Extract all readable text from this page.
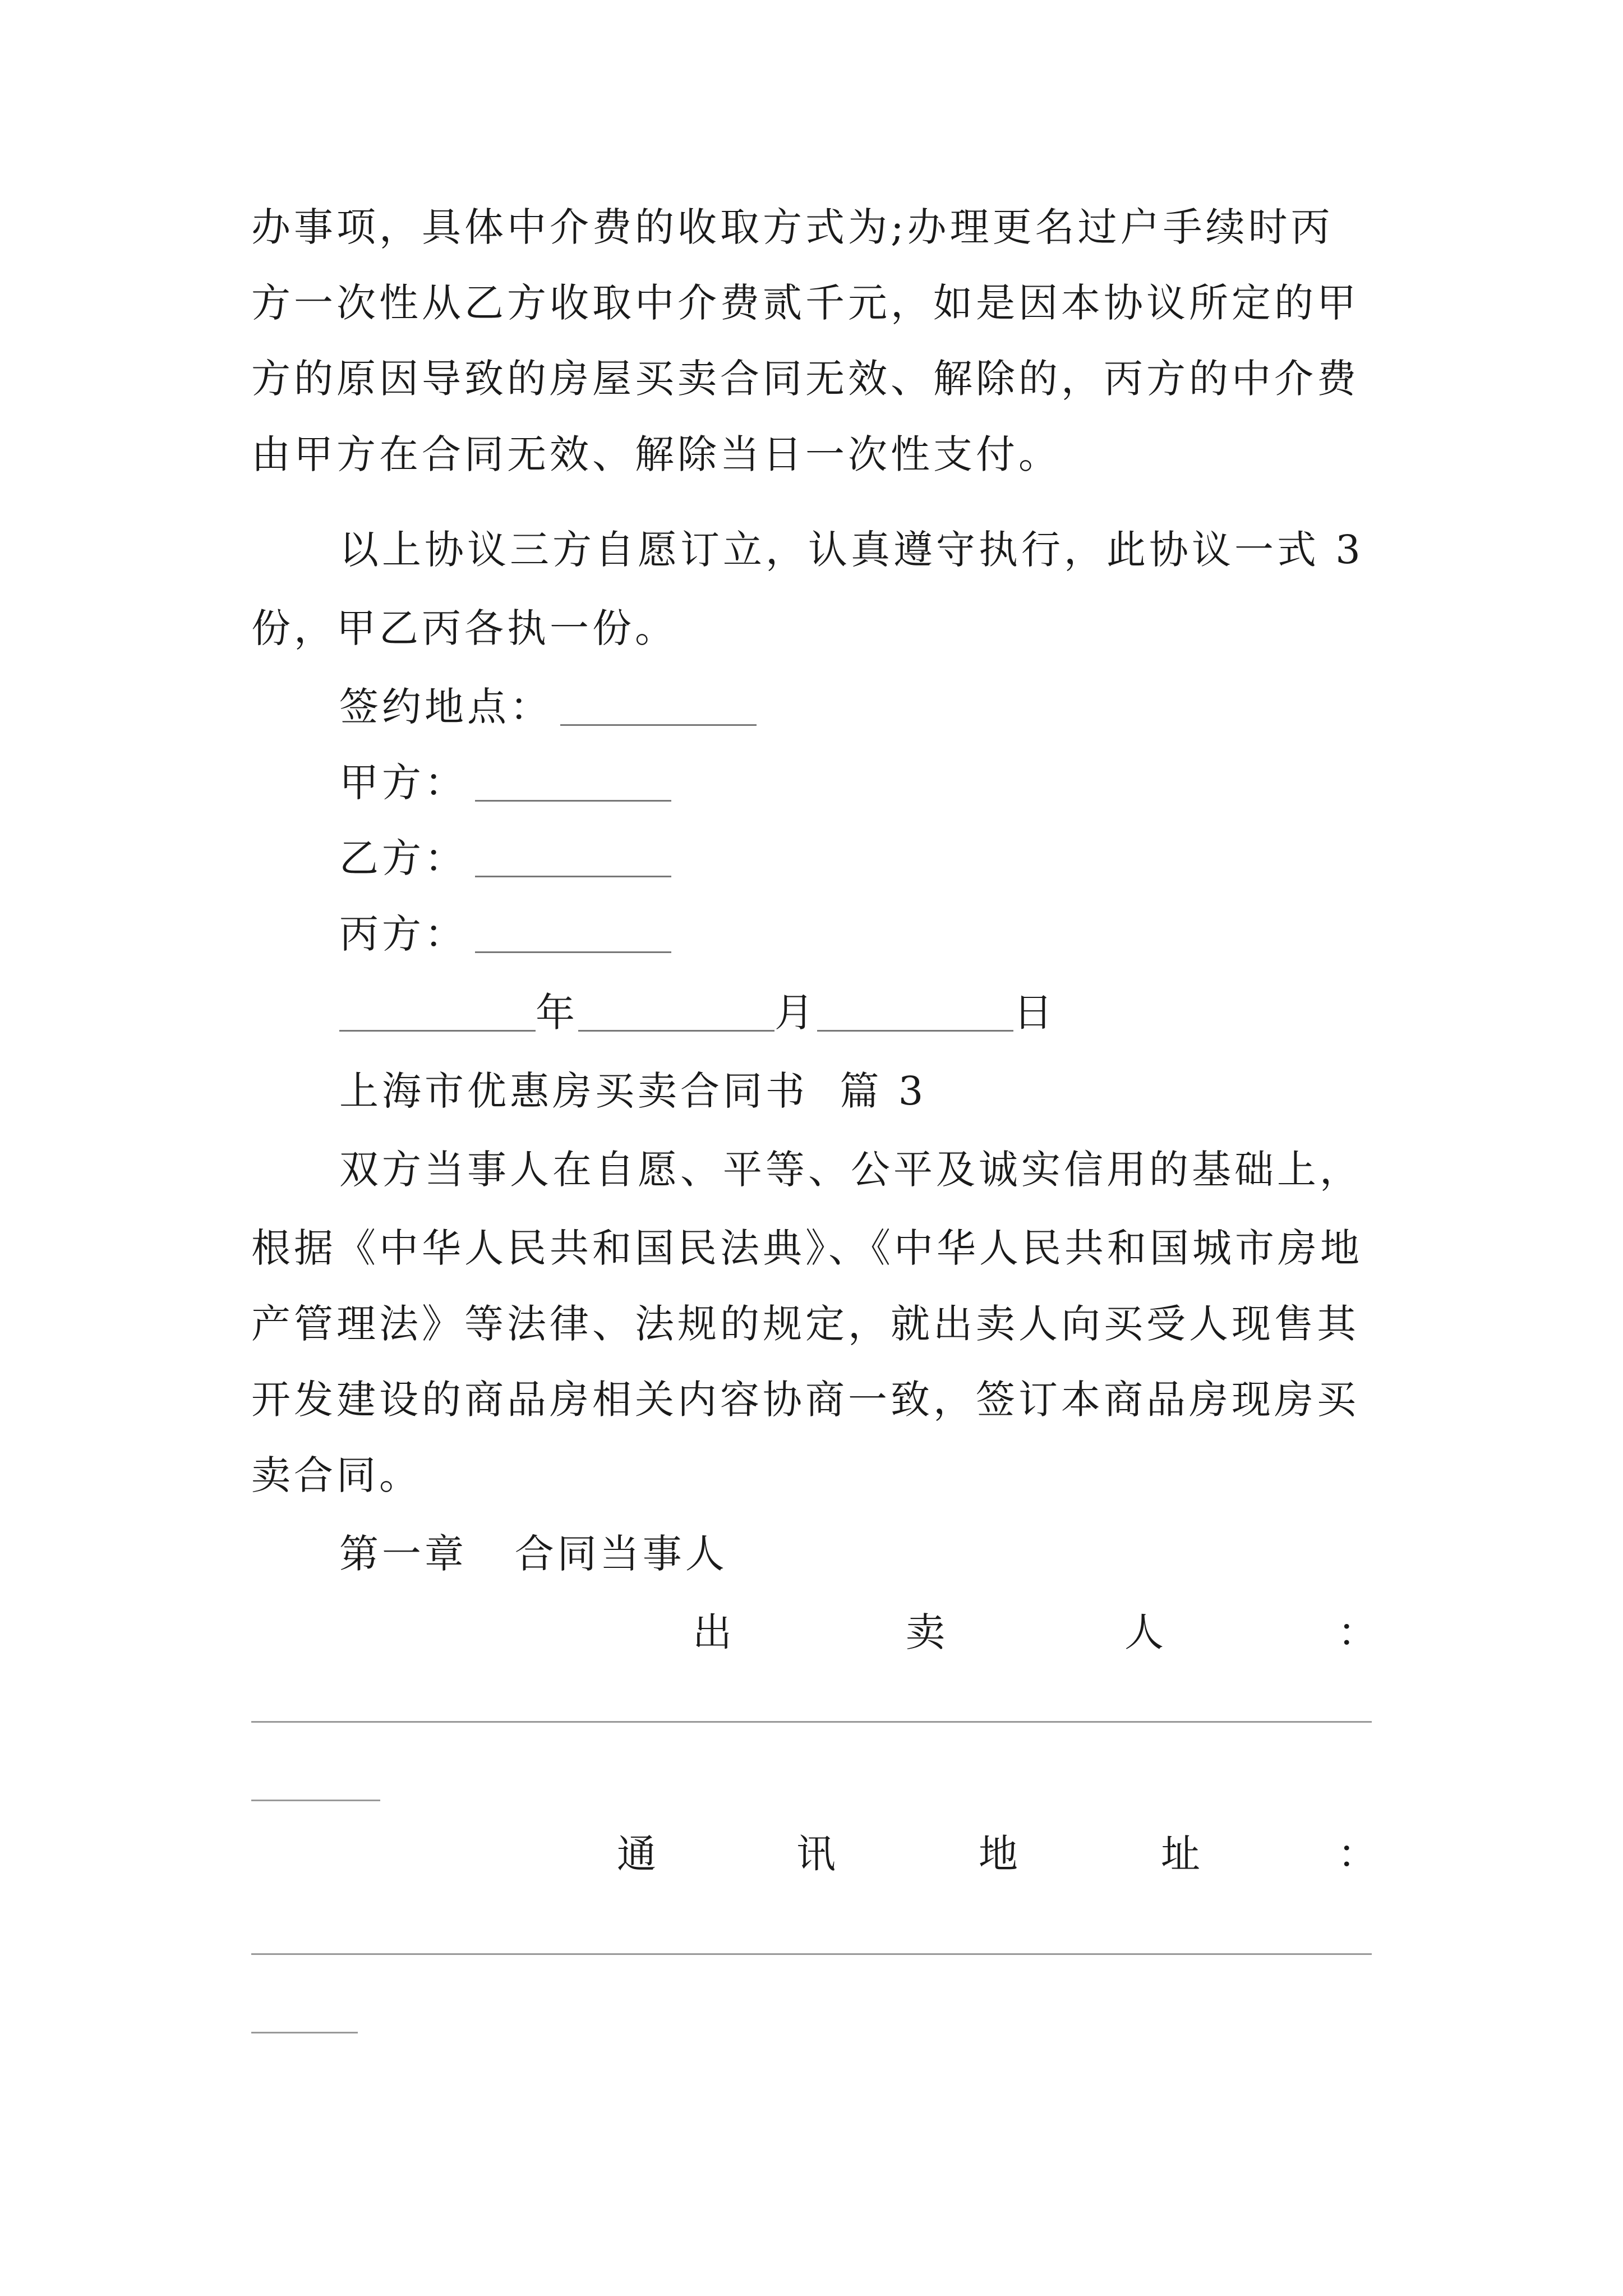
办事项，具体中介费的收取方式为;办理更名过户手续时丙
方一次性从乙方收取中介费贰千元，如是因本协议所定的甲
方的原因导致的房屋买卖合同无效、解除的，丙方的中介费
由甲方在合同无效、解除当日一次性支付。
以上协议三方自愿订立，认真遵守执行，此协议一式 3
份，甲乙丙各执一份。
签约地点：
甲方：
乙方：
丙方：
年	月	日
上海市优惠房买卖合同书  篇 3
双方当事人在自愿、平等、公平及诚实信用的基础上，
根据《中华人民共和国民法典》、《中华人民共和国城市房地
产管理法》等法律、法规的规定，就出卖人向买受人现售其
开发建设的商品房相关内容协商一致，签订本商品房现房买
卖合同。
第一章   合同当事人
出	卖	人	：
通	讯	地	址	：
